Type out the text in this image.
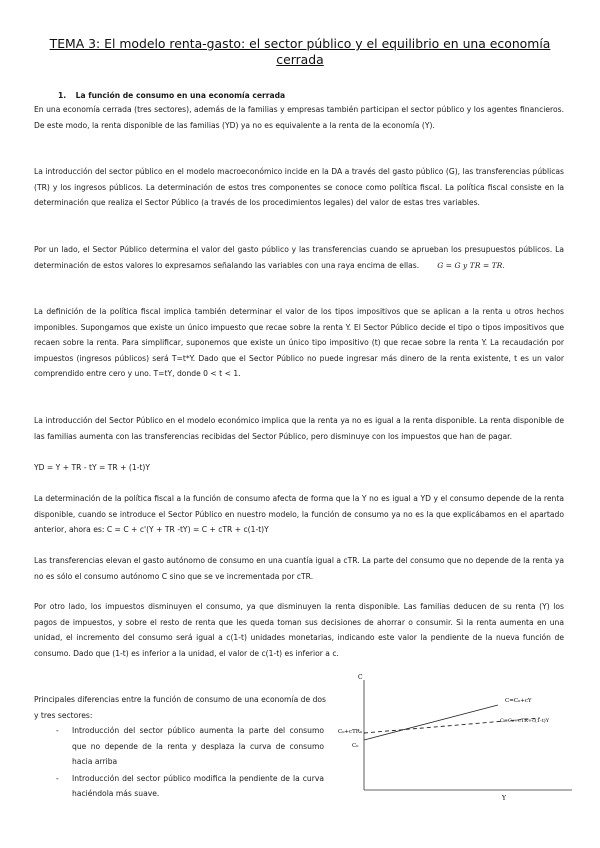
TEMA 3: El modelo renta-gasto: el sector público y el equilibrio en una economía cerrada
1. La función de consumo en una economía cerrada

En una economía cerrada (tres sectores), además de la familias y empresas también participan el sector público y los agentes financieros. De este modo, la renta disponible de las familias (YD) ya no es equivalente a la renta de la economía (Y).

La introducción del sector público en el modelo macroeconómico incide en la DA a través del gasto público (G), las transferencias públicas (TR) y los ingresos públicos. La determinación de estos tres componentes se conoce como política fiscal. La política fiscal consiste en la determinación que realiza el Sector Público (a través de los procedimientos legales) del valor de estas tres variables.

Por un lado, el Sector Público determina el valor del gasto público y las transferencias cuando se aprueban los presupuestos públicos. La determinación de estos valores lo expresamos señalando las variables con una raya encima de ellas. G = G y TR = TR.

La definición de la política fiscal implica también determinar el valor de los tipos impositivos que se aplican a la renta u otros hechos imponibles. Supongamos que existe un único impuesto que recae sobre la renta Y. El Sector Público decide el tipo o tipos impositivos que recaen sobre la renta. Para simplificar, suponemos que existe un único tipo impositivo (t) que recae sobre la renta Y. La recaudación por impuestos (ingresos públicos) será T=t*Y. Dado que el Sector Público no puede ingresar más dinero de la renta existente, t es un valor comprendido entre cero y uno. T=tY, donde 0 < t < 1.

La introducción del Sector Público en el modelo económico implica que la renta ya no es igual a la renta disponible. La renta disponible de las familias aumenta con las transferencias recibidas del Sector Público, pero disminuye con los impuestos que han de pagar.

YD = Y + TR - tY = TR + (1-t)Y

La determinación de la política fiscal a la función de consumo afecta de forma que la Y no es igual a YD y el consumo depende de la renta disponible, cuando se introduce el Sector Público en nuestro modelo, la función de consumo ya no es la que explicábamos en el apartado anterior, ahora es: C = C + c'(Y + TR -tY) = C + cTR + c(1-t)Y

Las transferencias elevan el gasto autónomo de consumo en una cuantía igual a cTR. La parte del consumo que no depende de la renta ya no es sólo el consumo autónomo C sino que se ve incrementada por cTR.

Por otro lado, los impuestos disminuyen el consumo, ya que disminuyen la renta disponible. Las familias deducen de su renta (Y) los pagos de impuestos, y sobre el resto de renta que les queda toman sus decisiones de ahorrar o consumir. Si la renta aumenta en una unidad, el incremento del consumo será igual a c(1-t) unidades monetarias, indicando este valor la pendiente de la nueva función de consumo. Dado que (1-t) es inferior a la unidad, el valor de c(1-t) es inferior a c.

Principales diferencias entre la función de consumo de una economía de dos y tres sectores:

- Introducción del sector público aumenta la parte del consumo que no depende de la renta y desplaza la curva de consumo hacia arriba
- Introducción del sector público modifica la pendiente de la curva haciéndola más suave.
C
Y
C₀+cTR₀
C₀
C=C₀+cY
C=C₀+cTR+c(1-t)Y
